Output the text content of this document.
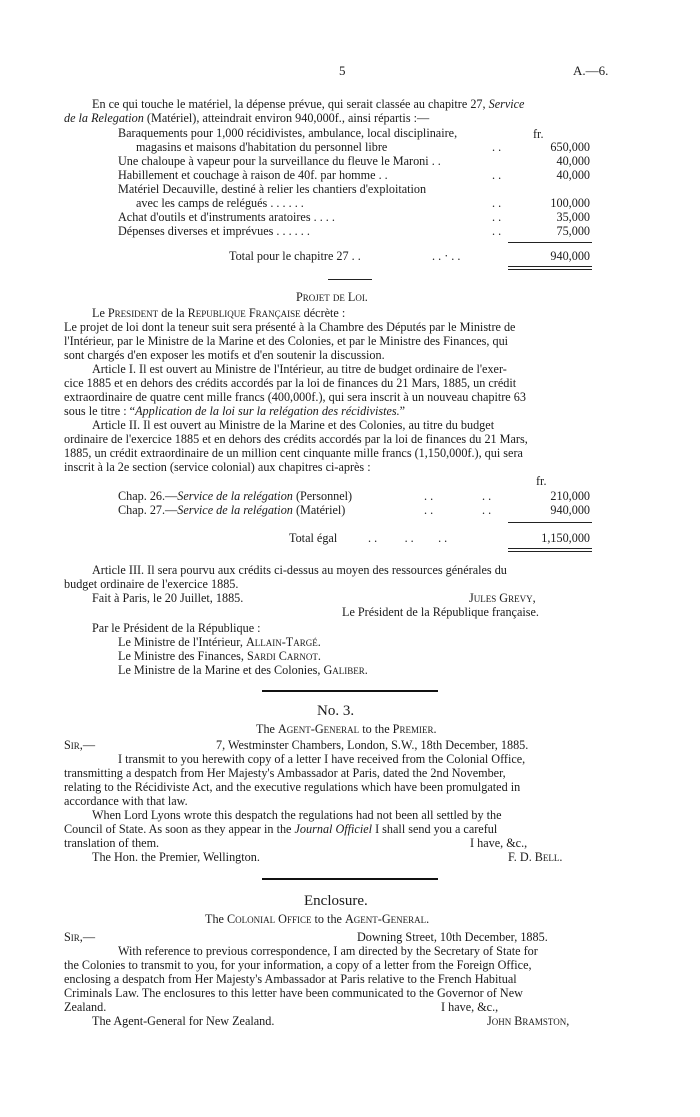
5	A.—6.
En ce qui touche le matériel, la dépense prévue, qui serait classée au chapitre 27, Service
de la Relegation (Matériel), atteindrait environ 940,000f., ainsi répartis :—
fr.
Baraquements pour 1,000 récidivistes, ambulance, local disciplinaire,
magasins et maisons d'habitation du personnel libre	. .	650,000
Une chaloupe à vapeur pour la surveillance du fleuve le Maroni . .	40,000
Habillement et couchage à raison de 40f. par homme . .	. .	40,000
Matériel Decauville, destiné à relier les chantiers d'exploitation
avec les camps de relégués . . . . . .	. .	100,000
Achat d'outils et d'instruments aratoires . . . .	. .	35,000
Dépenses diverses et imprévues . . . . . .	. .	75,000
Total pour le chapitre 27 . .	. . · . .	940,000
Projet de Loi.
Le President de la Republique Française décrète :
Le projet de loi dont la teneur suit sera présenté à la Chambre des Députés par le Ministre de
l'Intérieur, par le Ministre de la Marine et des Colonies, et par le Ministre des Finances, qui
sont chargés d'en exposer les motifs et d'en soutenir la discussion.
Article I. Il est ouvert au Ministre de l'Intérieur, au titre de budget ordinaire de l'exer-
cice 1885 et en dehors des crédits accordés par la loi de finances du 21 Mars, 1885, un crédit
extraordinaire de quatre cent mille francs (400,000f.), qui sera inscrit à un nouveau chapitre 63
sous le titre : “Application de la loi sur la relégation des récidivistes.”
Article II. Il est ouvert au Ministre de la Marine et des Colonies, au titre du budget
ordinaire de l'exercice 1885 et en dehors des crédits accordés par la loi de finances du 21 Mars,
1885, un crédit extraordinaire de un million cent cinquante mille francs (1,150,000f.), qui sera
inscrit à la 2e section (service colonial) aux chapitres ci-après :
fr.
Chap. 26.—Service de la relégation (Personnel)	. .	. .	210,000
Chap. 27.—Service de la relégation (Matériel)	. .	. .	940,000
Total égal	. .         . .        . .	1,150,000
Article III. Il sera pourvu aux crédits ci-dessus au moyen des ressources générales du
budget ordinaire de l'exercice 1885.
Fait à Paris, le 20 Juillet, 1885.	Jules Grevy,
Le Président de la République française.
Par le Président de la République :
Le Ministre de l'Intérieur, Allain-Targé.
Le Ministre des Finances, Sardi Carnot.
Le Ministre de la Marine et des Colonies, Galiber.
No. 3.
The Agent-General to the Premier.
Sir,—	7, Westminster Chambers, London, S.W., 18th December, 1885.
I transmit to you herewith copy of a letter I have received from the Colonial Office,
transmitting a despatch from Her Majesty's Ambassador at Paris, dated the 2nd November,
relating to the Récidiviste Act, and the executive regulations which have been promulgated in
accordance with that law.
When Lord Lyons wrote this despatch the regulations had not been all settled by the
Council of State. As soon as they appear in the Journal Officiel I shall send you a careful
translation of them.	I have, &c.,
The Hon. the Premier, Wellington.	F. D. Bell.
Enclosure.
The Colonial Office to the Agent-General.
Sir,—	Downing Street, 10th December, 1885.
With reference to previous correspondence, I am directed by the Secretary of State for
the Colonies to transmit to you, for your information, a copy of a letter from the Foreign Office,
enclosing a despatch from Her Majesty's Ambassador at Paris relative to the French Habitual
Criminals Law. The enclosures to this letter have been communicated to the Governor of New
Zealand.	I have, &c.,
The Agent-General for New Zealand.	John Bramston,
